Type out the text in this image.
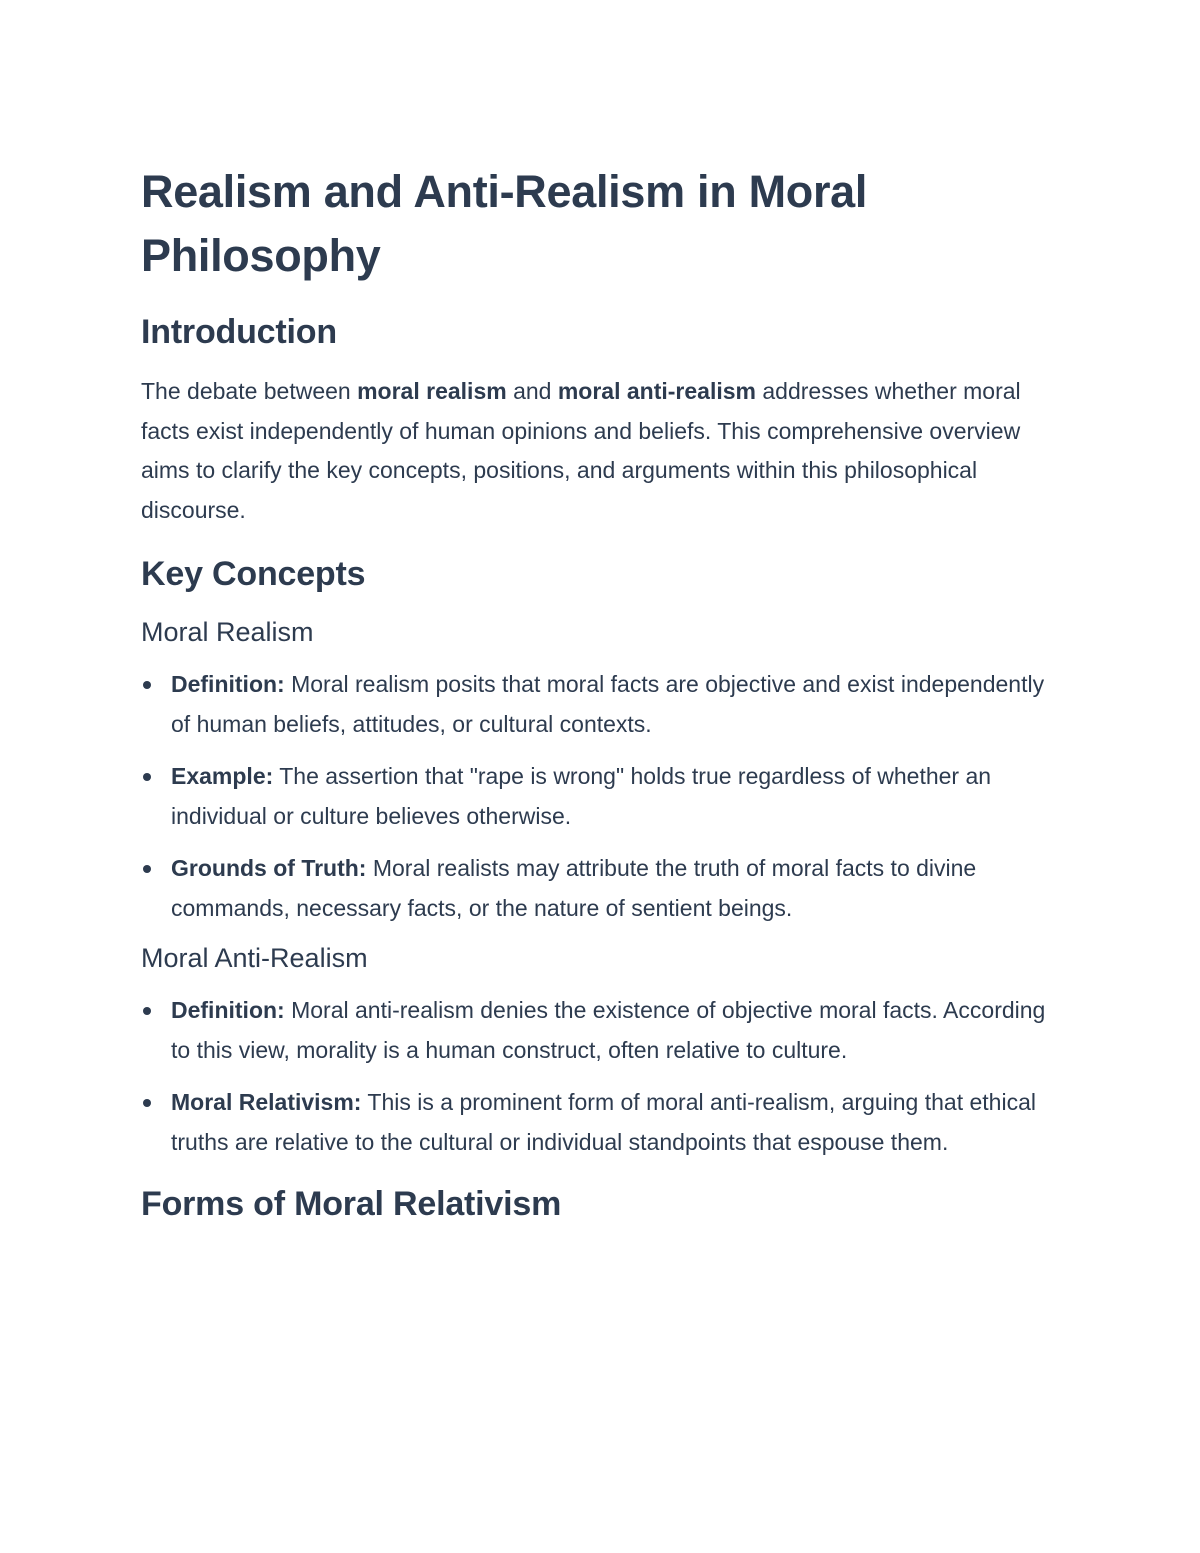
Realism and Anti-Realism in Moral Philosophy
Introduction

The debate between moral realism and moral anti-realism addresses whether moral facts exist independently of human opinions and beliefs. This comprehensive overview aims to clarify the key concepts, positions, and arguments within this philosophical discourse.

Key Concepts
Moral Realism
Definition: Moral realism posits that moral facts are objective and exist independently of human beliefs, attitudes, or cultural contexts.
Example: The assertion that "rape is wrong" holds true regardless of whether an individual or culture believes otherwise.
Grounds of Truth: Moral realists may attribute the truth of moral facts to divine commands, necessary facts, or the nature of sentient beings.
Moral Anti-Realism
Definition: Moral anti-realism denies the existence of objective moral facts. According to this view, morality is a human construct, often relative to culture.
Moral Relativism: This is a prominent form of moral anti-realism, arguing that ethical truths are relative to the cultural or individual standpoints that espouse them.
Forms of Moral Relativism
